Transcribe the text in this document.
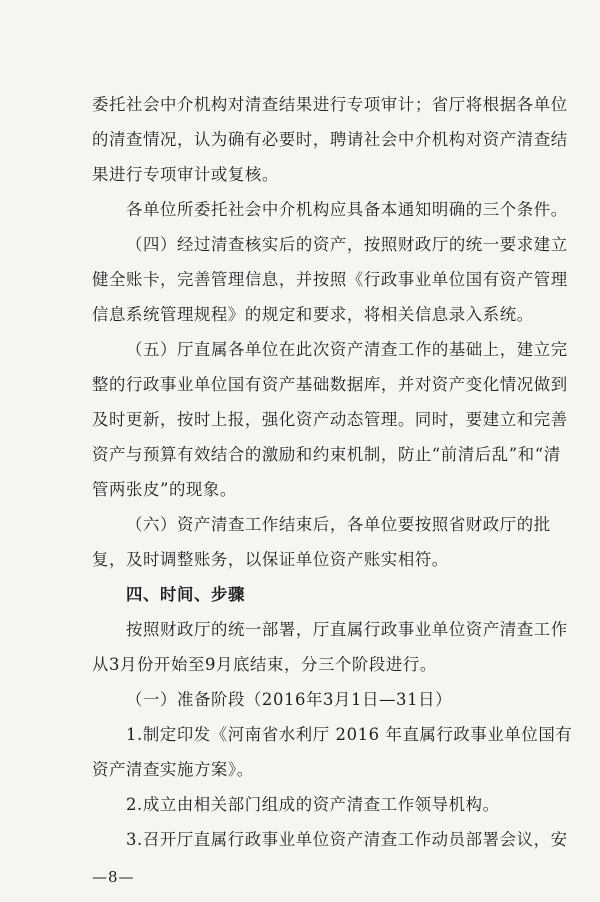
委托社会中介机构对清查结果进行专项审计；省厅将根据各单位
的清查情况，认为确有必要时，聘请社会中介机构对资产清查结
果进行专项审计或复核。
各单位所委托社会中介机构应具备本通知明确的三个条件。
（四）经过清查核实后的资产，按照财政厅的统一要求建立
健全账卡，完善管理信息，并按照《行政事业单位国有资产管理
信息系统管理规程》的规定和要求，将相关信息录入系统。
（五）厅直属各单位在此次资产清查工作的基础上，建立完
整的行政事业单位国有资产基础数据库，并对资产变化情况做到
及时更新，按时上报，强化资产动态管理。同时，要建立和完善
资产与预算有效结合的激励和约束机制，防止“前清后乱”和“清
管两张皮”的现象。
（六）资产清查工作结束后，各单位要按照省财政厅的批
复，及时调整账务，以保证单位资产账实相符。
四、时间、步骤
按照财政厅的统一部署，厅直属行政事业单位资产清查工作
从3月份开始至9月底结束，分三个阶段进行。
（一）准备阶段（2016年3月1日—31日）
1.制定印发《河南省水利厅 2016 年直属行政事业单位国有
资产清查实施方案》。
2.成立由相关部门组成的资产清查工作领导机构。
3.召开厅直属行政事业单位资产清查工作动员部署会议，安
—8—
